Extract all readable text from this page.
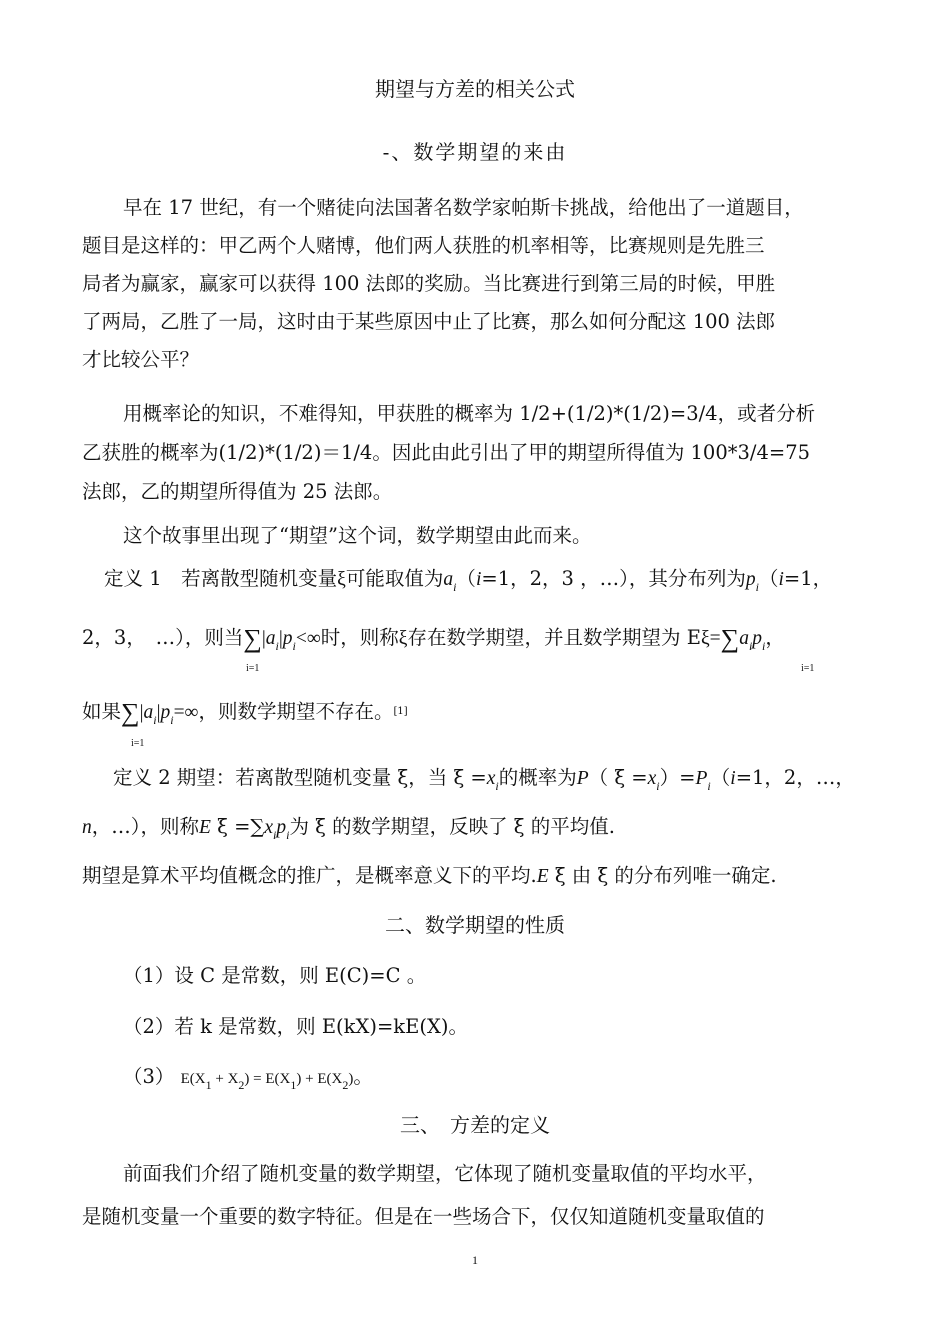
期望与方差的相关公式
-、数学期望的来由
早在 17 世纪，有一个赌徒向法国著名数学家帕斯卡挑战，给他出了一道题目，
题目是这样的：甲乙两个人赌博，他们两人获胜的机率相等，比赛规则是先胜三
局者为赢家，赢家可以获得 100 法郎的奖励。当比赛进行到第三局的时候，甲胜
了两局，乙胜了一局，这时由于某些原因中止了比赛，那么如何分配这 100 法郎
才比较公平？
用概率论的知识，不难得知，甲获胜的概率为 1/2+(1/2)*(1/2)=3/4，或者分析
乙获胜的概率为(1/2)*(1/2)＝1/4。因此由此引出了甲的期望所得值为 100*3/4=75
法郎，乙的期望所得值为 25 法郎。
这个故事里出现了“期望”这个词，数学期望由此而来。
定义 1　若离散型随机变量ξ可能取值为$a_i(i=1$，2，3 ，…），其分布列为$p_i(i=1$，
2，3，　…），则当$\sum|a_i|p_i<\infty$时，则称ξ存在数学期望，并且数学期望为 $E\xi=\sum a_ip_i$，
i=1	i=1
如果$\sum|a_i|p_i=\infty$，则数学期望不存在。[1]
i=1
定义 2 期望：若离散型随机变量 ξ，当 $\xi =x_i$的概率为P（ $\xi =x_i)=P_i(i=1$，2，…，
n，…），则称E $\xi =\sum x_ip_i$为 ξ 的数学期望，反映了 ξ 的平均值.
期望是算术平均值概念的推广，是概率意义下的平均.E ξ 由 ξ 的分布列唯一确定.
二、数学期望的性质
（1）设 C 是常数，则 E(C)=C 。
（2）若 k 是常数，则 E(kX)=kE(X)。
（3） $E(X_1 + X_2) = E(X_1) + E(X_2)$。
三、　方差的定义
前面我们介绍了随机变量的数学期望，它体现了随机变量取值的平均水平，
是随机变量一个重要的数字特征。但是在一些场合下，仅仅知道随机变量取值的
1
